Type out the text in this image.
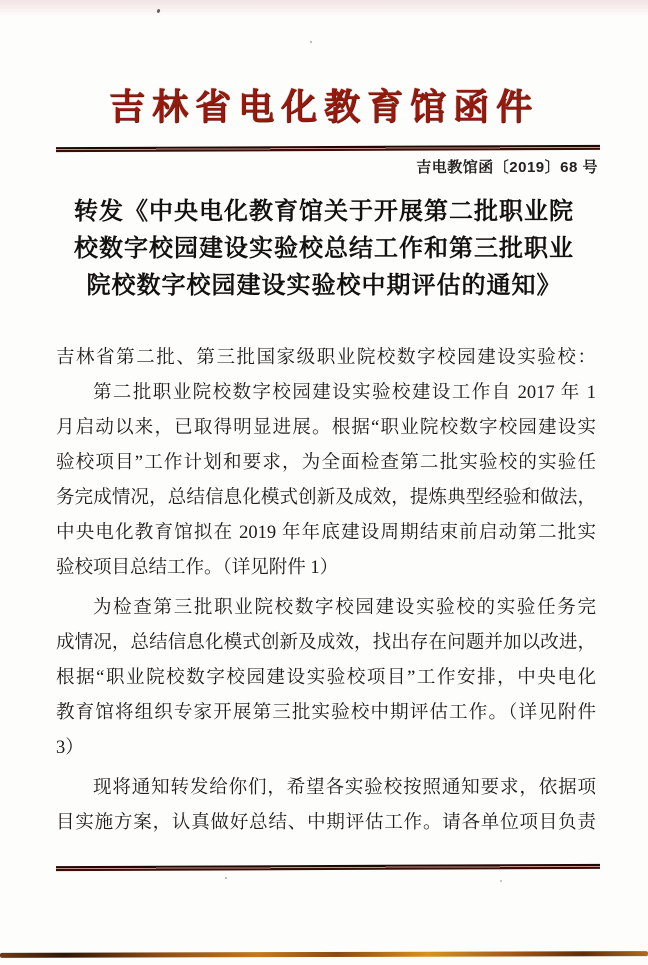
吉林省电化教育馆函件
吉电教馆函〔2019〕68 号
转发《中央电化教育馆关于开展第二批职业院
校数字校园建设实验校总结工作和第三批职业
院校数字校园建设实验校中期评估的通知》
吉林省第二批、第三批国家级职业院校数字校园建设实验校：
第二批职业院校数字校园建设实验校建设工作自 2017 年 1
月启动以来，已取得明显进展。根据“职业院校数字校园建设实
验校项目”工作计划和要求，为全面检查第二批实验校的实验任
务完成情况，总结信息化模式创新及成效，提炼典型经验和做法，
中央电化教育馆拟在 2019 年年底建设周期结束前启动第二批实
验校项目总结工作。（详见附件 1）
为检查第三批职业院校数字校园建设实验校的实验任务完
成情况，总结信息化模式创新及成效，找出存在问题并加以改进，
根据“职业院校数字校园建设实验校项目”工作安排，中央电化
教育馆将组织专家开展第三批实验校中期评估工作。（详见附件
3）
现将通知转发给你们，希望各实验校按照通知要求，依据项
目实施方案，认真做好总结、中期评估工作。请各单位项目负责
